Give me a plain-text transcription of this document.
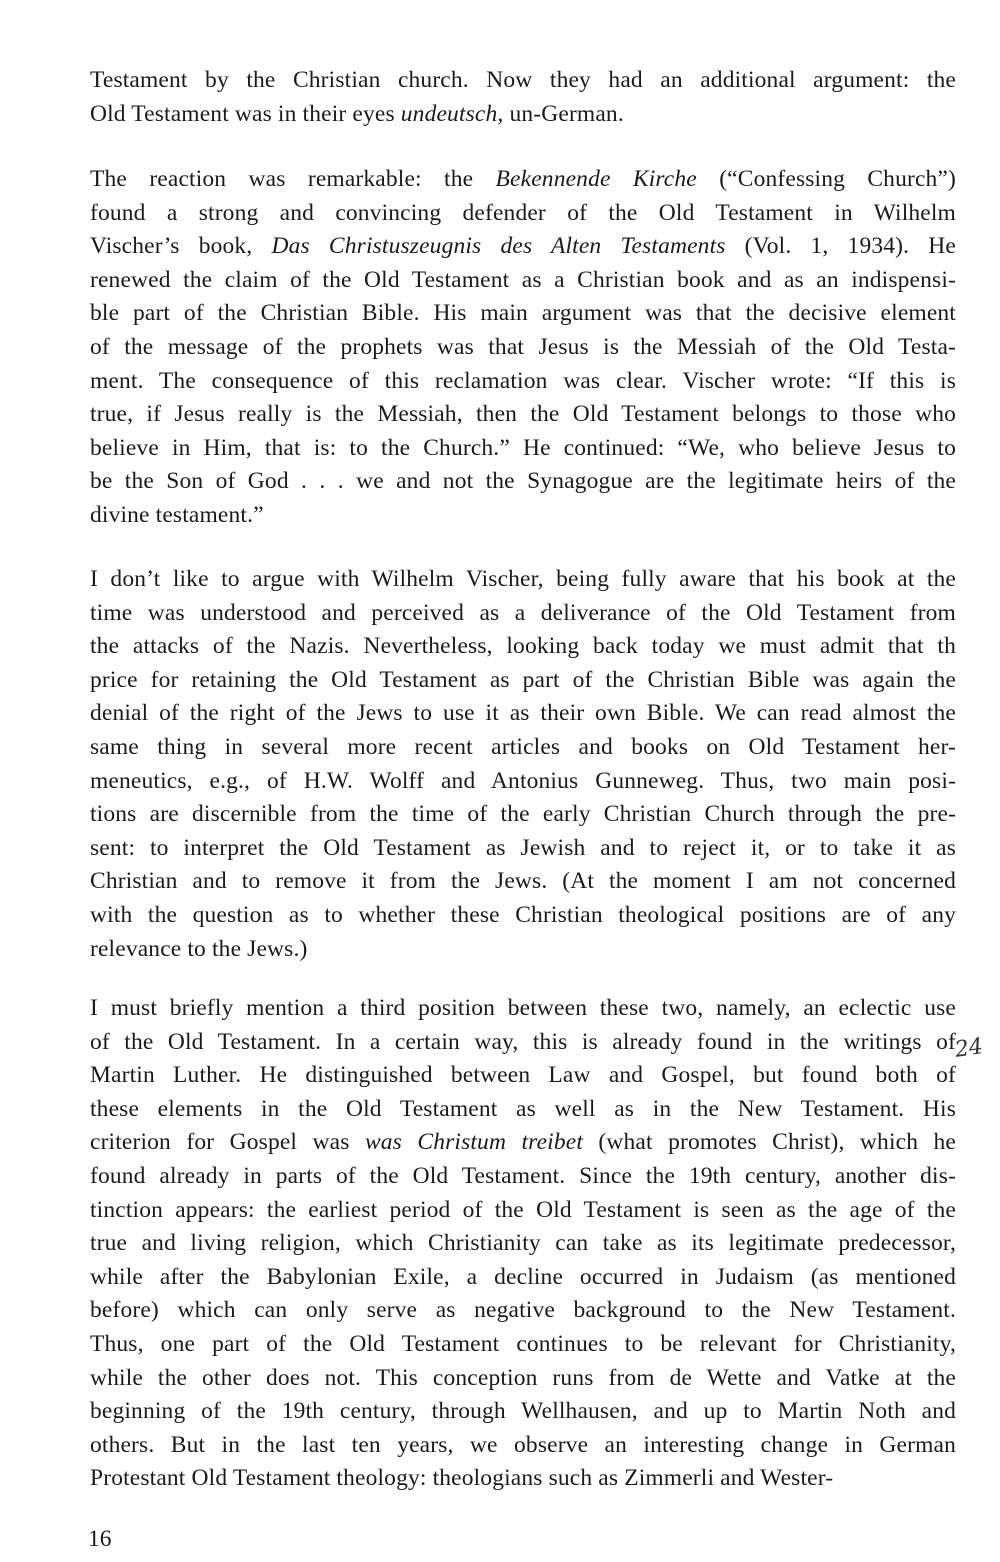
Testament by the Christian church. Now they had an additional argument: the
Old Testament was in their eyes undeutsch, un-German.
The reaction was remarkable: the Bekennende Kirche (“Confessing Church”)
found a strong and convincing defender of the Old Testament in Wilhelm
Vischer’s book, Das Christuszeugnis des Alten Testaments (Vol. 1, 1934). He
renewed the claim of the Old Testament as a Christian book and as an indispensi-
ble part of the Christian Bible. His main argument was that the decisive element
of the message of the prophets was that Jesus is the Messiah of the Old Testa-
ment. The consequence of this reclamation was clear. Vischer wrote: “If this is
true, if Jesus really is the Messiah, then the Old Testament belongs to those who
believe in Him, that is: to the Church.” He continued: “We, who believe Jesus to
be the Son of God . . . we and not the Synagogue are the legitimate heirs of the
divine testament.”
I don’t like to argue with Wilhelm Vischer, being fully aware that his book at the
time was understood and perceived as a deliverance of the Old Testament from
the attacks of the Nazis. Nevertheless, looking back today we must admit that th
price for retaining the Old Testament as part of the Christian Bible was again the
denial of the right of the Jews to use it as their own Bible. We can read almost the
same thing in several more recent articles and books on Old Testament her-
meneutics, e.g., of H.W. Wolff and Antonius Gunneweg. Thus, two main posi-
tions are discernible from the time of the early Christian Church through the pre-
sent: to interpret the Old Testament as Jewish and to reject it, or to take it as
Christian and to remove it from the Jews. (At the moment I am not concerned
with the question as to whether these Christian theological positions are of any
relevance to the Jews.)
I must briefly mention a third position between these two, namely, an eclectic use
of the Old Testament. In a certain way, this is already found in the writings of
Martin Luther. He distinguished between Law and Gospel, but found both of
these elements in the Old Testament as well as in the New Testament. His
criterion for Gospel was was Christum treibet (what promotes Christ), which he
found already in parts of the Old Testament. Since the 19th century, another dis-
tinction appears: the earliest period of the Old Testament is seen as the age of the
true and living religion, which Christianity can take as its legitimate predecessor,
while after the Babylonian Exile, a decline occurred in Judaism (as mentioned
before) which can only serve as negative background to the New Testament.
Thus, one part of the Old Testament continues to be relevant for Christianity,
while the other does not. This conception runs from de Wette and Vatke at the
beginning of the 19th century, through Wellhausen, and up to Martin Noth and
others. But in the last ten years, we observe an interesting change in German
Protestant Old Testament theology: theologians such as Zimmerli and Wester-
24
16
